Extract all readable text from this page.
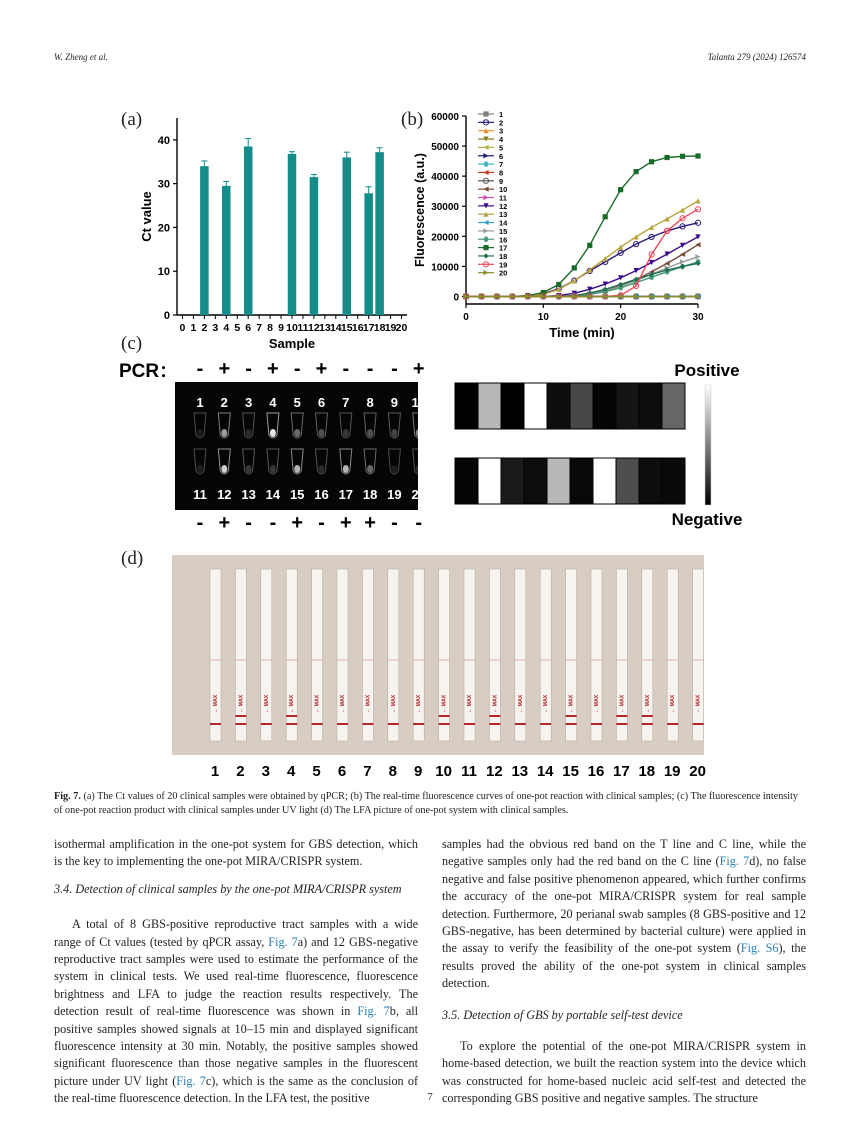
W. Zheng et al.	Talanta 279 (2024) 126574
(a)	(b)
(c)
(d)
0
10
20
30
40
0 1 2 3 4 5 6 7 8 9 10 11 12 13 14 15 16 17 18 19 20
Sample
Ct value
0
10000
20000
30000
40000
50000
60000
0	10	20	30
1
2
3
4
5
6
7
8
9
10
11
12
13
14
15
16
17
18
19
20
Time (min)
Fluorescence (a.u.)
PCR： - + - + - + - - - +
1 2 3 4 5 6 7 8 9 10
11 12 13 14 15 16 17 18 19 20
- + - - + - + + - -
Positive
Negative
← MAX
1
← MAX
2
← MAX
3
← MAX
4
← MAX
5
← MAX
6
← MAX
7
← MAX
8
← MAX
9
← MAX
10
← MAX
11
← MAX
12
← MAX
13
← MAX
14
← MAX
15
← MAX
16
← MAX
17
← MAX
18
← MAX
19
← MAX
20
Fig. 7. (a) The Ct values of 20 clinical samples were obtained by qPCR; (b) The real-time fluorescence curves of one-pot reaction with clinical samples; (c) The fluorescence intensity of one-pot reaction product with clinical samples under UV light (d) The LFA picture of one-pot system with clinical samples.

isothermal amplification in the one-pot system for GBS detection, which is the key to implementing the one-pot MIRA/CRISPR system.

3.4. Detection of clinical samples by the one-pot MIRA/CRISPR system

A total of 8 GBS-positive reproductive tract samples with a wide range of Ct values (tested by qPCR assay, Fig. 7a) and 12 GBS-negative reproductive tract samples were used to estimate the performance of the system in clinical tests. We used real-time fluorescence, fluorescence brightness and LFA to judge the reaction results respectively. The detection result of real-time fluorescence was shown in Fig. 7b, all positive samples showed signals at 10–15 min and displayed significant fluorescence intensity at 30 min. Notably, the positive samples showed significant fluorescence than those negative samples in the fluorescent picture under UV light (Fig. 7c), which is the same as the conclusion of the real-time fluorescence detection. In the LFA test, the positive

samples had the obvious red band on the T line and C line, while the negative samples only had the red band on the C line (Fig. 7d), no false negative and false positive phenomenon appeared, which further confirms the accuracy of the one-pot MIRA/CRISPR system for real sample detection. Furthermore, 20 perianal swab samples (8 GBS-positive and 12 GBS-negative, has been determined by bacterial culture) were applied in the assay to verify the feasibility of the one-pot system (Fig. S6), the results proved the ability of the one-pot system in clinical samples detection.

3.5. Detection of GBS by portable self-test device

To explore the potential of the one-pot MIRA/CRISPR system in home-based detection, we built the reaction system into the device which was constructed for home-based nucleic acid self-test and detected the corresponding GBS positive and negative samples. The structure

7
